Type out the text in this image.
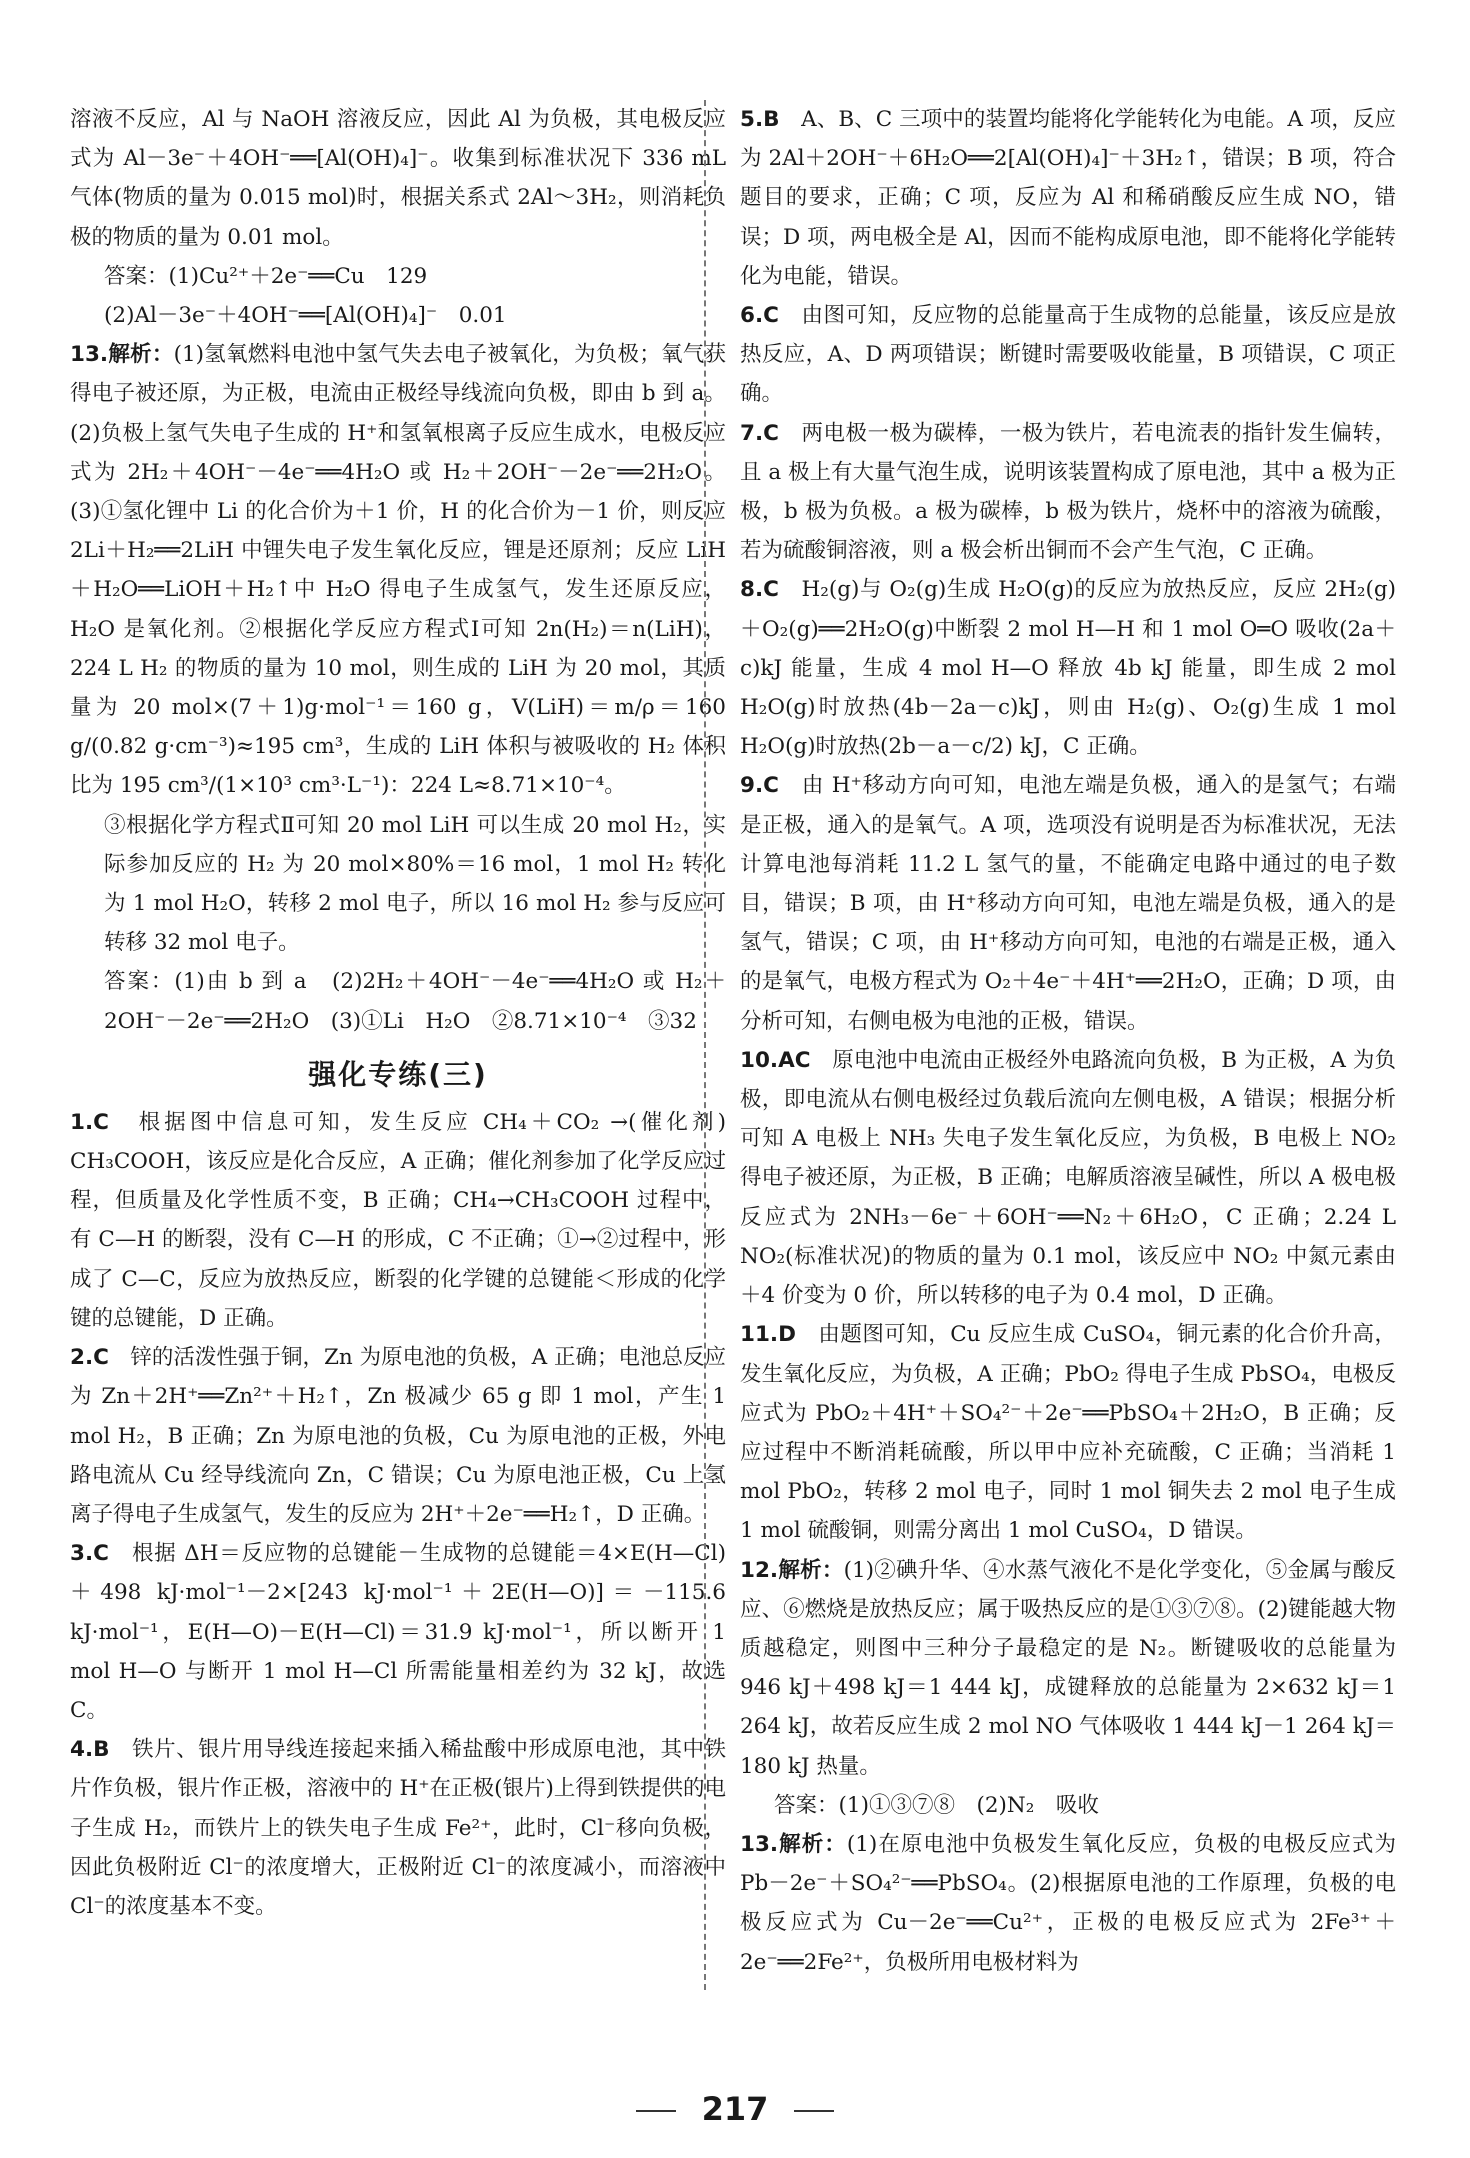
溶液不反应，Al 与 NaOH 溶液反应，因此 Al 为负极，其电极反应式为 Al－3e⁻＋4OH⁻══[Al(OH)₄]⁻。收集到标准状况下 336 mL 气体(物质的量为 0.015 mol)时，根据关系式 2Al～3H₂，则消耗负极的物质的量为 0.01 mol。

答案：(1)Cu²⁺＋2e⁻══Cu　129

(2)Al－3e⁻＋4OH⁻══[Al(OH)₄]⁻　0.01

13.解析：(1)氢氧燃料电池中氢气失去电子被氧化，为负极；氧气获得电子被还原，为正极，电流由正极经导线流向负极，即由 b 到 a。(2)负极上氢气失电子生成的 H⁺和氢氧根离子反应生成水，电极反应式为 2H₂＋4OH⁻－4e⁻══4H₂O 或 H₂＋2OH⁻－2e⁻══2H₂O。(3)①氢化锂中 Li 的化合价为＋1 价，H 的化合价为－1 价，则反应 2Li＋H₂══2LiH 中锂失电子发生氧化反应，锂是还原剂；反应 LiH＋H₂O══LiOH＋H₂↑中 H₂O 得电子生成氢气，发生还原反应，H₂O 是氧化剂。②根据化学反应方程式Ⅰ可知 2n(H₂)＝n(LiH)，224 L H₂ 的物质的量为 10 mol，则生成的 LiH 为 20 mol，其质量为 20 mol×(7＋1)g·mol⁻¹＝160 g，V(LiH)＝m/ρ＝160 g/(0.82 g·cm⁻³)≈195 cm³，生成的 LiH 体积与被吸收的 H₂ 体积比为 195 cm³/(1×10³ cm³·L⁻¹)：224 L≈8.71×10⁻⁴。

③根据化学方程式Ⅱ可知 20 mol LiH 可以生成 20 mol H₂，实际参加反应的 H₂ 为 20 mol×80%＝16 mol，1 mol H₂ 转化为 1 mol H₂O，转移 2 mol 电子，所以 16 mol H₂ 参与反应可转移 32 mol 电子。

答案：(1)由 b 到 a　(2)2H₂＋4OH⁻－4e⁻══4H₂O 或 H₂＋2OH⁻－2e⁻══2H₂O　(3)①Li　H₂O　②8.71×10⁻⁴　③32

强化专练(三)

1.C　根据图中信息可知，发生反应 CH₄＋CO₂ →(催化剂) CH₃COOH，该反应是化合反应，A 正确；催化剂参加了化学反应过程，但质量及化学性质不变，B 正确；CH₄→CH₃COOH 过程中，有 C—H 的断裂，没有 C—H 的形成，C 不正确；①→②过程中，形成了 C—C，反应为放热反应，断裂的化学键的总键能＜形成的化学键的总键能，D 正确。

2.C　锌的活泼性强于铜，Zn 为原电池的负极，A 正确；电池总反应为 Zn＋2H⁺══Zn²⁺＋H₂↑，Zn 极减少 65 g 即 1 mol，产生 1 mol H₂，B 正确；Zn 为原电池的负极，Cu 为原电池的正极，外电路电流从 Cu 经导线流向 Zn，C 错误；Cu 为原电池正极，Cu 上氢离子得电子生成氢气，发生的反应为 2H⁺＋2e⁻══H₂↑，D 正确。

3.C　根据 ΔH＝反应物的总键能－生成物的总键能＝4×E(H—Cl)＋498 kJ·mol⁻¹－2×[243 kJ·mol⁻¹＋2E(H—O)]＝－115.6 kJ·mol⁻¹，E(H—O)－E(H—Cl)＝31.9 kJ·mol⁻¹，所以断开 1 mol H—O 与断开 1 mol H—Cl 所需能量相差约为 32 kJ，故选 C。

4.B　铁片、银片用导线连接起来插入稀盐酸中形成原电池，其中铁片作负极，银片作正极，溶液中的 H⁺在正极(银片)上得到铁提供的电子生成 H₂，而铁片上的铁失电子生成 Fe²⁺，此时，Cl⁻移向负极，因此负极附近 Cl⁻的浓度增大，正极附近 Cl⁻的浓度减小，而溶液中 Cl⁻的浓度基本不变。

5.B　A、B、C 三项中的装置均能将化学能转化为电能。A 项，反应为 2Al＋2OH⁻＋6H₂O══2[Al(OH)₄]⁻＋3H₂↑，错误；B 项，符合题目的要求，正确；C 项，反应为 Al 和稀硝酸反应生成 NO，错误；D 项，两电极全是 Al，因而不能构成原电池，即不能将化学能转化为电能，错误。

6.C　由图可知，反应物的总能量高于生成物的总能量，该反应是放热反应，A、D 两项错误；断键时需要吸收能量，B 项错误，C 项正确。

7.C　两电极一极为碳棒，一极为铁片，若电流表的指针发生偏转，且 a 极上有大量气泡生成，说明该装置构成了原电池，其中 a 极为正极，b 极为负极。a 极为碳棒，b 极为铁片，烧杯中的溶液为硫酸，若为硫酸铜溶液，则 a 极会析出铜而不会产生气泡，C 正确。

8.C　H₂(g)与 O₂(g)生成 H₂O(g)的反应为放热反应，反应 2H₂(g)＋O₂(g)══2H₂O(g)中断裂 2 mol H—H 和 1 mol O═O 吸收(2a＋c)kJ 能量，生成 4 mol H—O 释放 4b kJ 能量，即生成 2 mol H₂O(g)时放热(4b－2a－c)kJ，则由 H₂(g)、O₂(g)生成 1 mol H₂O(g)时放热(2b－a－c/2) kJ，C 正确。

9.C　由 H⁺移动方向可知，电池左端是负极，通入的是氢气；右端是正极，通入的是氧气。A 项，选项没有说明是否为标准状况，无法计算电池每消耗 11.2 L 氢气的量，不能确定电路中通过的电子数目，错误；B 项，由 H⁺移动方向可知，电池左端是负极，通入的是氢气，错误；C 项，由 H⁺移动方向可知，电池的右端是正极，通入的是氧气，电极方程式为 O₂＋4e⁻＋4H⁺══2H₂O，正确；D 项，由分析可知，右侧电极为电池的正极，错误。

10.AC　原电池中电流由正极经外电路流向负极，B 为正极，A 为负极，即电流从右侧电极经过负载后流向左侧电极，A 错误；根据分析可知 A 电极上 NH₃ 失电子发生氧化反应，为负极，B 电极上 NO₂ 得电子被还原，为正极，B 正确；电解质溶液呈碱性，所以 A 极电极反应式为 2NH₃－6e⁻＋6OH⁻══N₂＋6H₂O，C 正确；2.24 L NO₂(标准状况)的物质的量为 0.1 mol，该反应中 NO₂ 中氮元素由＋4 价变为 0 价，所以转移的电子为 0.4 mol，D 正确。

11.D　由题图可知，Cu 反应生成 CuSO₄，铜元素的化合价升高，发生氧化反应，为负极，A 正确；PbO₂ 得电子生成 PbSO₄，电极反应式为 PbO₂＋4H⁺＋SO₄²⁻＋2e⁻══PbSO₄＋2H₂O，B 正确；反应过程中不断消耗硫酸，所以甲中应补充硫酸，C 正确；当消耗 1 mol PbO₂，转移 2 mol 电子，同时 1 mol 铜失去 2 mol 电子生成 1 mol 硫酸铜，则需分离出 1 mol CuSO₄，D 错误。

12.解析：(1)②碘升华、④水蒸气液化不是化学变化，⑤金属与酸反应、⑥燃烧是放热反应；属于吸热反应的是①③⑦⑧。(2)键能越大物质越稳定，则图中三种分子最稳定的是 N₂。断键吸收的总能量为 946 kJ＋498 kJ＝1 444 kJ，成键释放的总能量为 2×632 kJ＝1 264 kJ，故若反应生成 2 mol NO 气体吸收 1 444 kJ－1 264 kJ＝180 kJ 热量。

答案：(1)①③⑦⑧　(2)N₂　吸收

13.解析：(1)在原电池中负极发生氧化反应，负极的电极反应式为 Pb－2e⁻＋SO₄²⁻══PbSO₄。(2)根据原电池的工作原理，负极的电极反应式为 Cu－2e⁻══Cu²⁺，正极的电极反应式为 2Fe³⁺＋2e⁻══2Fe²⁺，负极所用电极材料为

217
